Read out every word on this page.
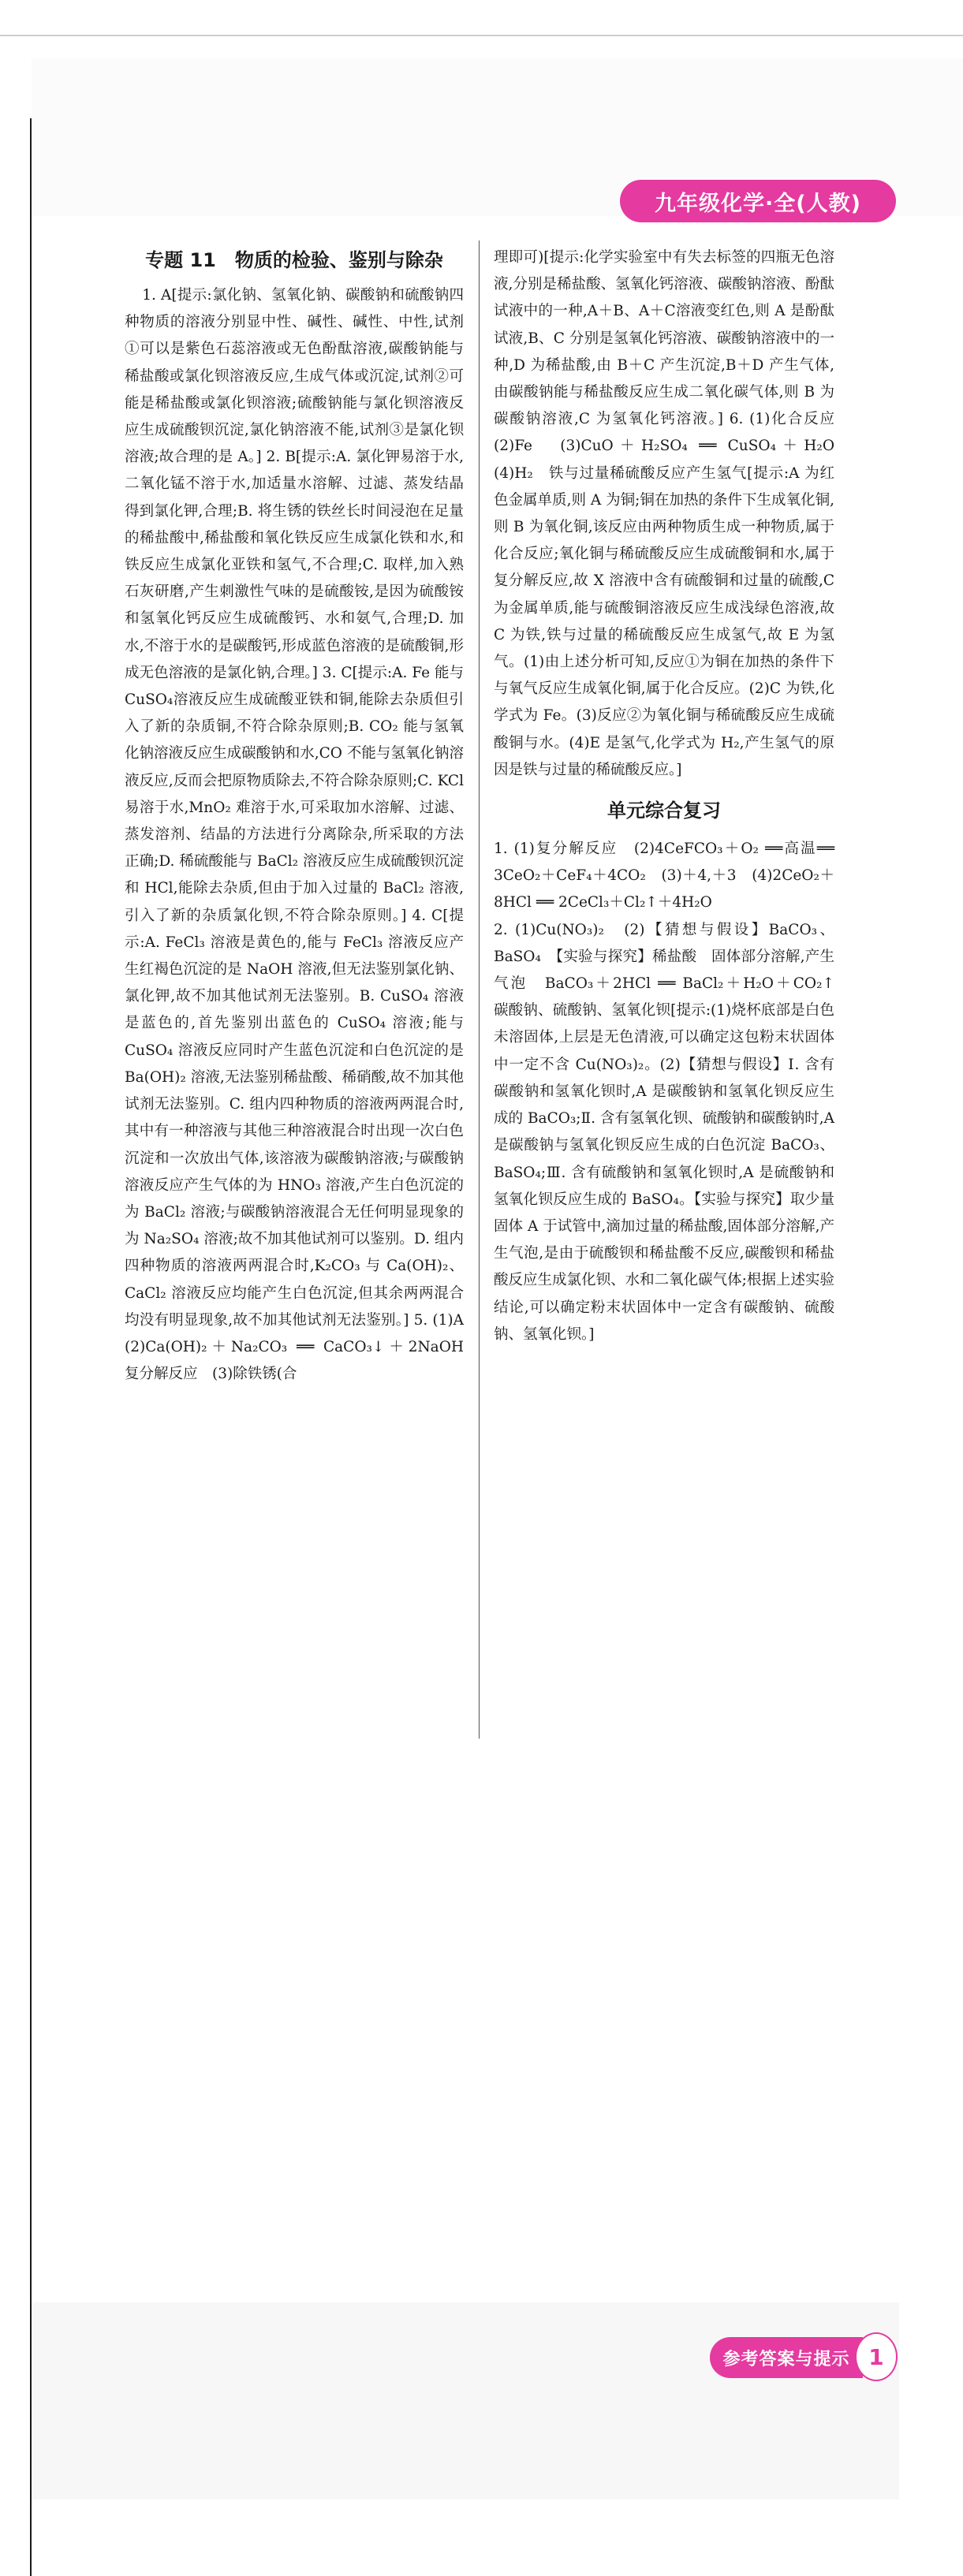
九年级化学·全(人教)
专题 11　物质的检验、鉴别与除杂

1. A[提示:氯化钠、氢氧化钠、碳酸钠和硫酸钠四种物质的溶液分别显中性、碱性、碱性、中性,试剂①可以是紫色石蕊溶液或无色酚酞溶液,碳酸钠能与稀盐酸或氯化钡溶液反应,生成气体或沉淀,试剂②可能是稀盐酸或氯化钡溶液;硫酸钠能与氯化钡溶液反应生成硫酸钡沉淀,氯化钠溶液不能,试剂③是氯化钡溶液;故合理的是 A。] 2. B[提示:A. 氯化钾易溶于水,二氧化锰不溶于水,加适量水溶解、过滤、蒸发结晶得到氯化钾,合理;B. 将生锈的铁丝长时间浸泡在足量的稀盐酸中,稀盐酸和氧化铁反应生成氯化铁和水,和铁反应生成氯化亚铁和氢气,不合理;C. 取样,加入熟石灰研磨,产生刺激性气味的是硫酸铵,是因为硫酸铵和氢氧化钙反应生成硫酸钙、水和氨气,合理;D. 加水,不溶于水的是碳酸钙,形成蓝色溶液的是硫酸铜,形成无色溶液的是氯化钠,合理。] 3. C[提示:A. Fe 能与CuSO₄溶液反应生成硫酸亚铁和铜,能除去杂质但引入了新的杂质铜,不符合除杂原则;B. CO₂ 能与氢氧化钠溶液反应生成碳酸钠和水,CO 不能与氢氧化钠溶液反应,反而会把原物质除去,不符合除杂原则;C. KCl 易溶于水,MnO₂ 难溶于水,可采取加水溶解、过滤、蒸发溶剂、结晶的方法进行分离除杂,所采取的方法正确;D. 稀硫酸能与 BaCl₂ 溶液反应生成硫酸钡沉淀和 HCl,能除去杂质,但由于加入过量的 BaCl₂ 溶液,引入了新的杂质氯化钡,不符合除杂原则。] 4. C[提示:A. FeCl₃ 溶液是黄色的,能与 FeCl₃ 溶液反应产生红褐色沉淀的是 NaOH 溶液,但无法鉴别氯化钠、氯化钾,故不加其他试剂无法鉴别。B. CuSO₄ 溶液是蓝色的,首先鉴别出蓝色的 CuSO₄ 溶液;能与 CuSO₄ 溶液反应同时产生蓝色沉淀和白色沉淀的是 Ba(OH)₂ 溶液,无法鉴别稀盐酸、稀硝酸,故不加其他试剂无法鉴别。C. 组内四种物质的溶液两两混合时,其中有一种溶液与其他三种溶液混合时出现一次白色沉淀和一次放出气体,该溶液为碳酸钠溶液;与碳酸钠溶液反应产生气体的为 HNO₃ 溶液,产生白色沉淀的为 BaCl₂ 溶液;与碳酸钠溶液混合无任何明显现象的为 Na₂SO₄ 溶液;故不加其他试剂可以鉴别。D. 组内四种物质的溶液两两混合时,K₂CO₃ 与 Ca(OH)₂、CaCl₂ 溶液反应均能产生白色沉淀,但其余两两混合均没有明显现象,故不加其他试剂无法鉴别。] 5. (1)A　(2)Ca(OH)₂＋Na₂CO₃ ══ CaCO₃↓＋2NaOH　复分解反应　(3)除铁锈(合

理即可)[提示:化学实验室中有失去标签的四瓶无色溶液,分别是稀盐酸、氢氧化钙溶液、碳酸钠溶液、酚酞试液中的一种,A＋B、A＋C溶液变红色,则 A 是酚酞试液,B、C 分别是氢氧化钙溶液、碳酸钠溶液中的一种,D 为稀盐酸,由 B＋C 产生沉淀,B＋D 产生气体,由碳酸钠能与稀盐酸反应生成二氧化碳气体,则 B 为碳酸钠溶液,C 为氢氧化钙溶液。] 6. (1)化合反应　(2)Fe　(3)CuO＋H₂SO₄ ══ CuSO₄＋H₂O　(4)H₂　铁与过量稀硫酸反应产生氢气[提示:A 为红色金属单质,则 A 为铜;铜在加热的条件下生成氧化铜,则 B 为氧化铜,该反应由两种物质生成一种物质,属于化合反应;氧化铜与稀硫酸反应生成硫酸铜和水,属于复分解反应,故 X 溶液中含有硫酸铜和过量的硫酸,C 为金属单质,能与硫酸铜溶液反应生成浅绿色溶液,故 C 为铁,铁与过量的稀硫酸反应生成氢气,故 E 为氢气。(1)由上述分析可知,反应①为铜在加热的条件下与氧气反应生成氧化铜,属于化合反应。(2)C 为铁,化学式为 Fe。(3)反应②为氧化铜与稀硫酸反应生成硫酸铜与水。(4)E 是氢气,化学式为 H₂,产生氢气的原因是铁与过量的稀硫酸反应。]

单元综合复习

1. (1)复分解反应　(2)4CeFCO₃＋O₂ ══高温══ 3CeO₂＋CeF₄＋4CO₂　(3)＋4,＋3　(4)2CeO₂＋8HCl ══ 2CeCl₃＋Cl₂↑＋4H₂O

2. (1)Cu(NO₃)₂　(2)【猜想与假设】BaCO₃、BaSO₄　【实验与探究】稀盐酸　固体部分溶解,产生气泡　BaCO₃＋2HCl ══ BaCl₂＋H₂O＋CO₂↑　碳酸钠、硫酸钠、氢氧化钡[提示:(1)烧杯底部是白色未溶固体,上层是无色清液,可以确定这包粉末状固体中一定不含 Cu(NO₃)₂。(2)【猜想与假设】Ⅰ. 含有碳酸钠和氢氧化钡时,A 是碳酸钠和氢氧化钡反应生成的 BaCO₃;Ⅱ. 含有氢氧化钡、硫酸钠和碳酸钠时,A 是碳酸钠与氢氧化钡反应生成的白色沉淀 BaCO₃、BaSO₄;Ⅲ. 含有硫酸钠和氢氧化钡时,A 是硫酸钠和氢氧化钡反应生成的 BaSO₄。【实验与探究】取少量固体 A 于试管中,滴加过量的稀盐酸,固体部分溶解,产生气泡,是由于硫酸钡和稀盐酸不反应,碳酸钡和稀盐酸反应生成氯化钡、水和二氧化碳气体;根据上述实验结论,可以确定粉末状固体中一定含有碳酸钠、硫酸钠、氢氧化钡。]

参考答案与提示 1
